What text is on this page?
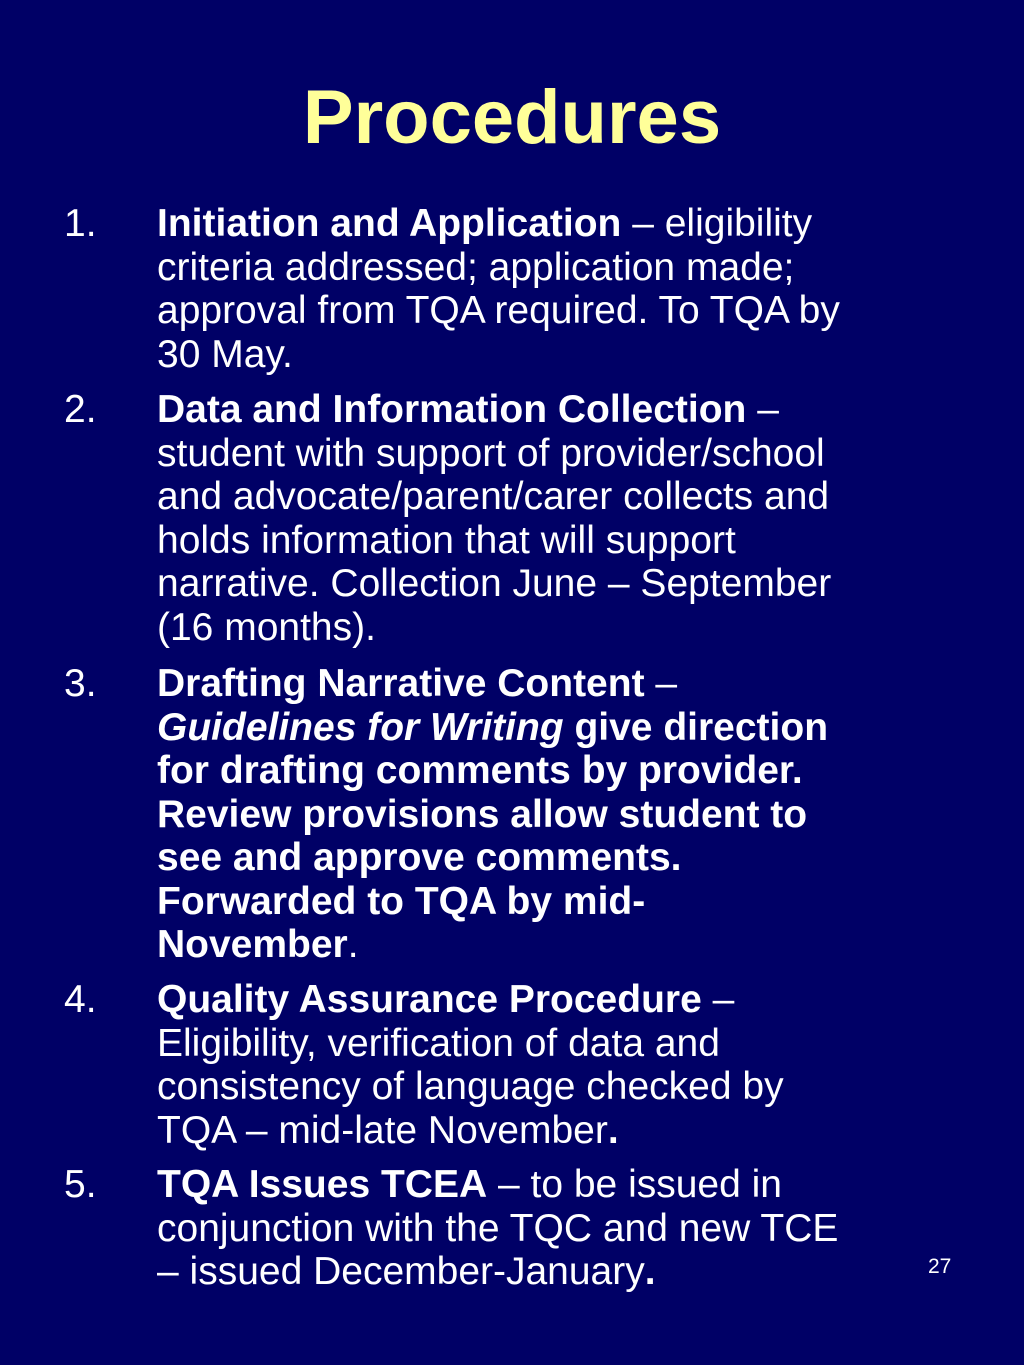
Procedures
1. Initiation and Application – eligibility
criteria addressed; application made;
approval from TQA required. To TQA by
30 May.
2. Data and Information Collection –
student with support of provider/school
and advocate/parent/carer collects and
holds information that will support
narrative. Collection June – September
(16 months).
3. Drafting Narrative Content –
Guidelines for Writing give direction
for drafting comments by provider.
Review provisions allow student to
see and approve comments.
Forwarded to TQA by mid-
November.
4. Quality Assurance Procedure –
Eligibility, verification of data and
consistency of language checked by
TQA – mid-late November.
5. TQA Issues TCEA – to be issued in
conjunction with the TQC and new TCE
– issued December-January.	27
